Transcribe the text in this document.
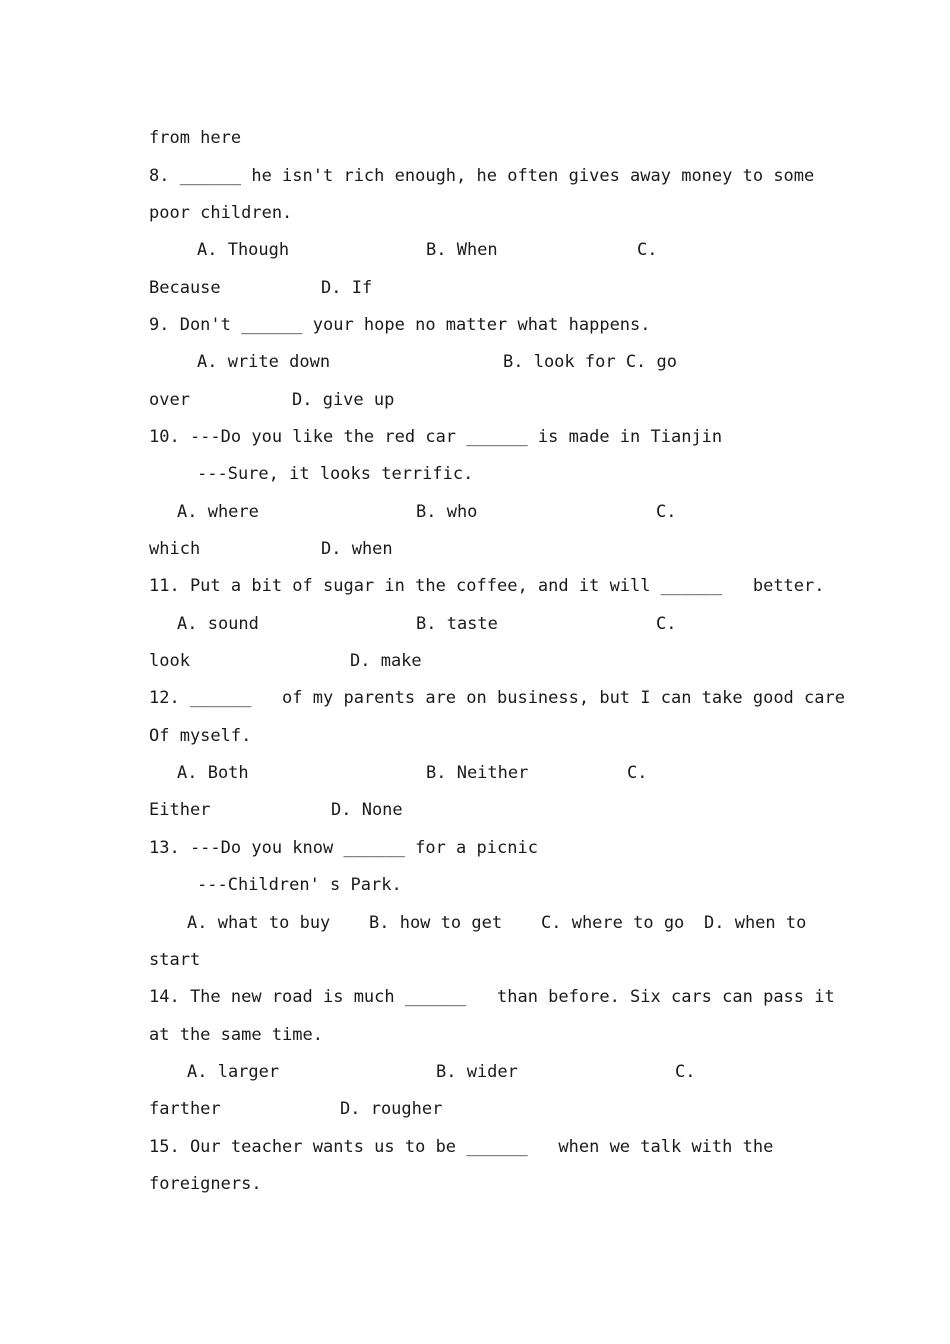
from here
8. ______ he isn't rich enough, he often gives away money to some
poor children.
A. Though	B. When	C.
Because	D. If
9. Don't ______ your hope no matter what happens.
A. write down	B. look for C. go
over	D. give up
10. ---Do you like the red car ______ is made in Tianjin
---Sure, it looks terrific.
A. where	B. who	C.
which	D. when
11. Put a bit of sugar in the coffee, and it will ______   better.
A. sound	B. taste	C.
look	D. make
12. ______   of my parents are on business, but I can take good care
Of myself.
A. Both	B. Neither	C.
Either	D. None
13. ---Do you know ______ for a picnic
---Children' s Park.
A. what to buy B. how to get C. where to go D. when to
start
14. The new road is much ______   than before. Six cars can pass it
at the same time.
A. larger	B. wider	C.
farther	D. rougher
15. Our teacher wants us to be ______   when we talk with the
foreigners.
